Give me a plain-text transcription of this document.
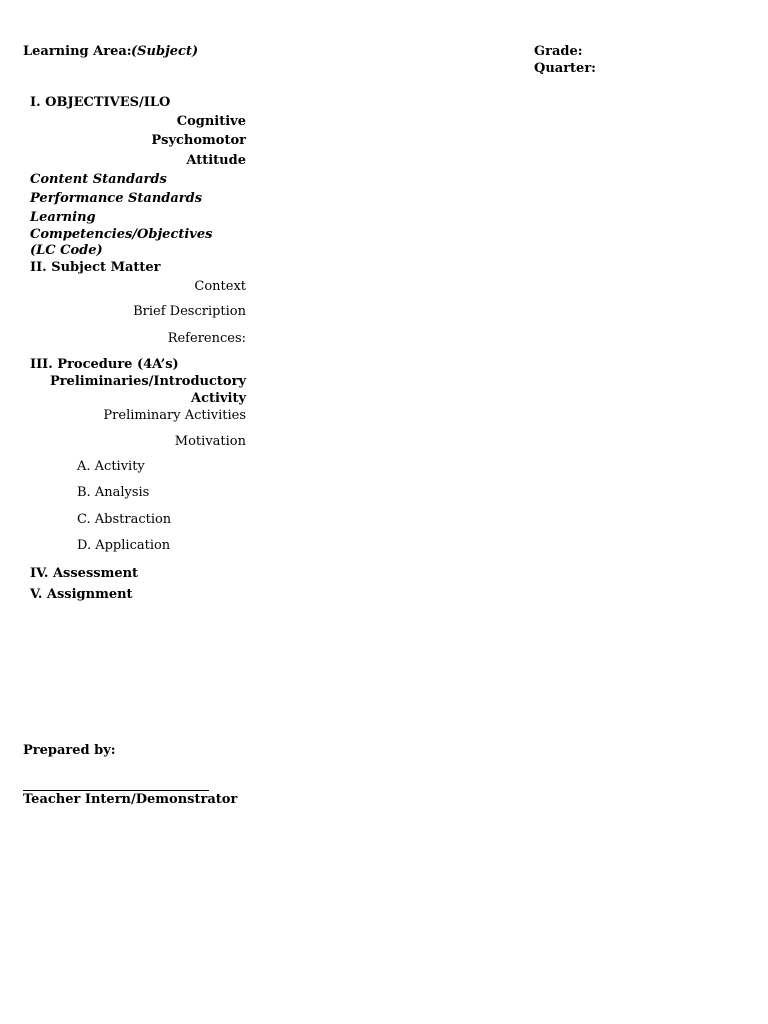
Learning Area: (Subject)	Grade:
Quarter:
I. OBJECTIVES/ILO
Cognitive
Psychomotor
Attitude
Content Standards
Performance Standards
Learning
Competencies/Objectives
(LC Code)
II. Subject Matter
Context
Brief Description
References:
III. Procedure (4A’s)
Preliminaries/Introductory
Activity
Preliminary Activities
Motivation
A. Activity
B. Analysis
C. Abstraction
D. Application
IV. Assessment
V. Assignment
Prepared by:
Teacher Intern/Demonstrator
